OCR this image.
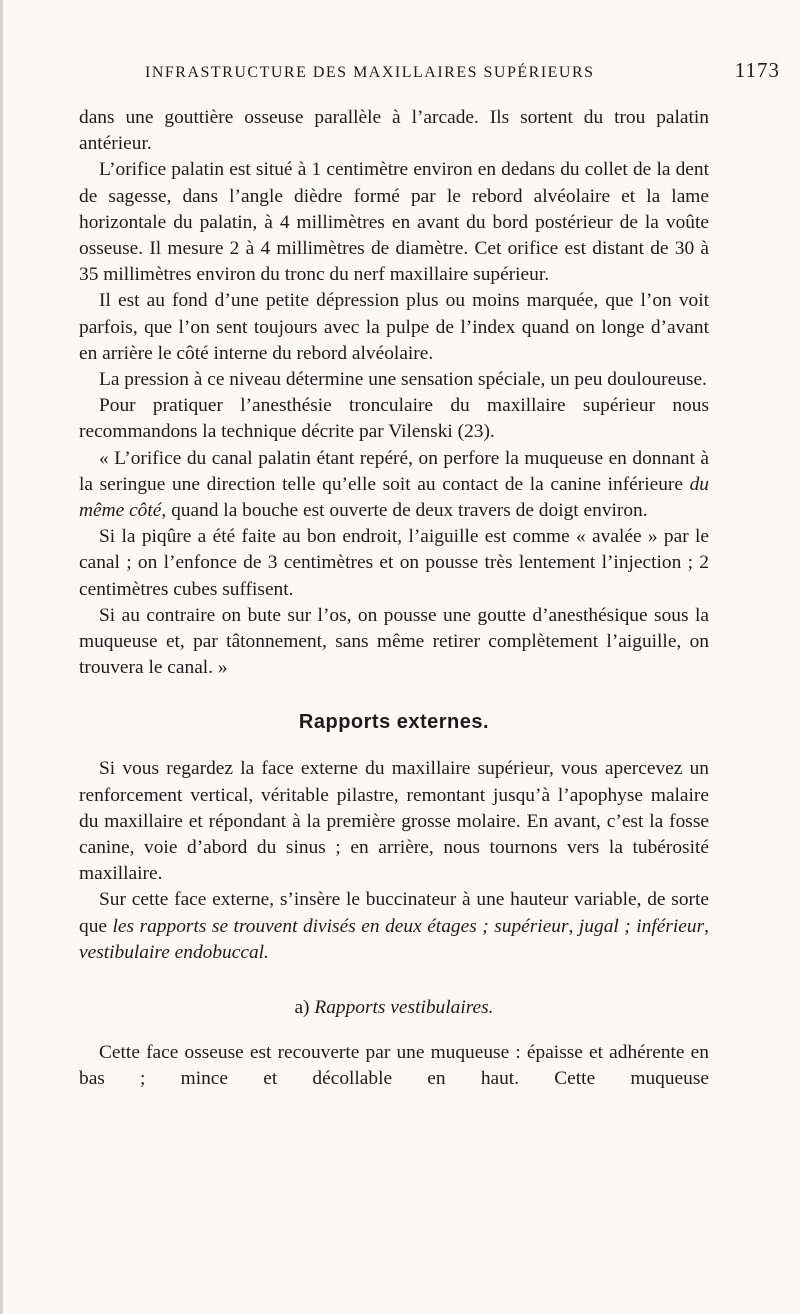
INFRASTRUCTURE DES MAXILLAIRES SUPÉRIEURS	1173

dans une gouttière osseuse parallèle à l’arcade. Ils sortent du trou palatin antérieur.

L’orifice palatin est situé à 1 centimètre environ en dedans du collet de la dent de sagesse, dans l’angle dièdre formé par le rebord alvéolaire et la lame horizontale du palatin, à 4 millimètres en avant du bord postérieur de la voûte osseuse. Il mesure 2 à 4 millimètres de diamètre. Cet orifice est distant de 30 à 35 millimètres environ du tronc du nerf maxillaire supérieur.

Il est au fond d’une petite dépression plus ou moins marquée, que l’on voit parfois, que l’on sent toujours avec la pulpe de l’index quand on longe d’avant en arrière le côté interne du rebord alvéolaire.

La pression à ce niveau détermine une sensation spéciale, un peu douloureuse.

Pour pratiquer l’anesthésie tronculaire du maxillaire supérieur nous recommandons la technique décrite par Vilenski (23).

« L’orifice du canal palatin étant repéré, on perfore la muqueuse en donnant à la seringue une direction telle qu’elle soit au contact de la canine inférieure du même côté, quand la bouche est ouverte de deux travers de doigt environ.

Si la piqûre a été faite au bon endroit, l’aiguille est comme « avalée » par le canal ; on l’enfonce de 3 centimètres et on pousse très lentement l’injection ; 2 centimètres cubes suffisent.

Si au contraire on bute sur l’os, on pousse une goutte d’anesthésique sous la muqueuse et, par tâtonnement, sans même retirer complètement l’aiguille, on trouvera le canal. »

Rapports externes.

Si vous regardez la face externe du maxillaire supérieur, vous apercevez un renforcement vertical, véritable pilastre, remontant jusqu’à l’apophyse malaire du maxillaire et répondant à la première grosse molaire. En avant, c’est la fosse canine, voie d’abord du sinus ; en arrière, nous tournons vers la tubérosité maxillaire.

Sur cette face externe, s’insère le buccinateur à une hauteur variable, de sorte que les rapports se trouvent divisés en deux étages ; supérieur, jugal ; inférieur, vestibulaire endobuccal.

a) Rapports vestibulaires.

Cette face osseuse est recouverte par une muqueuse : épaisse et adhérente en bas ; mince et décollable en haut. Cette muqueuse
